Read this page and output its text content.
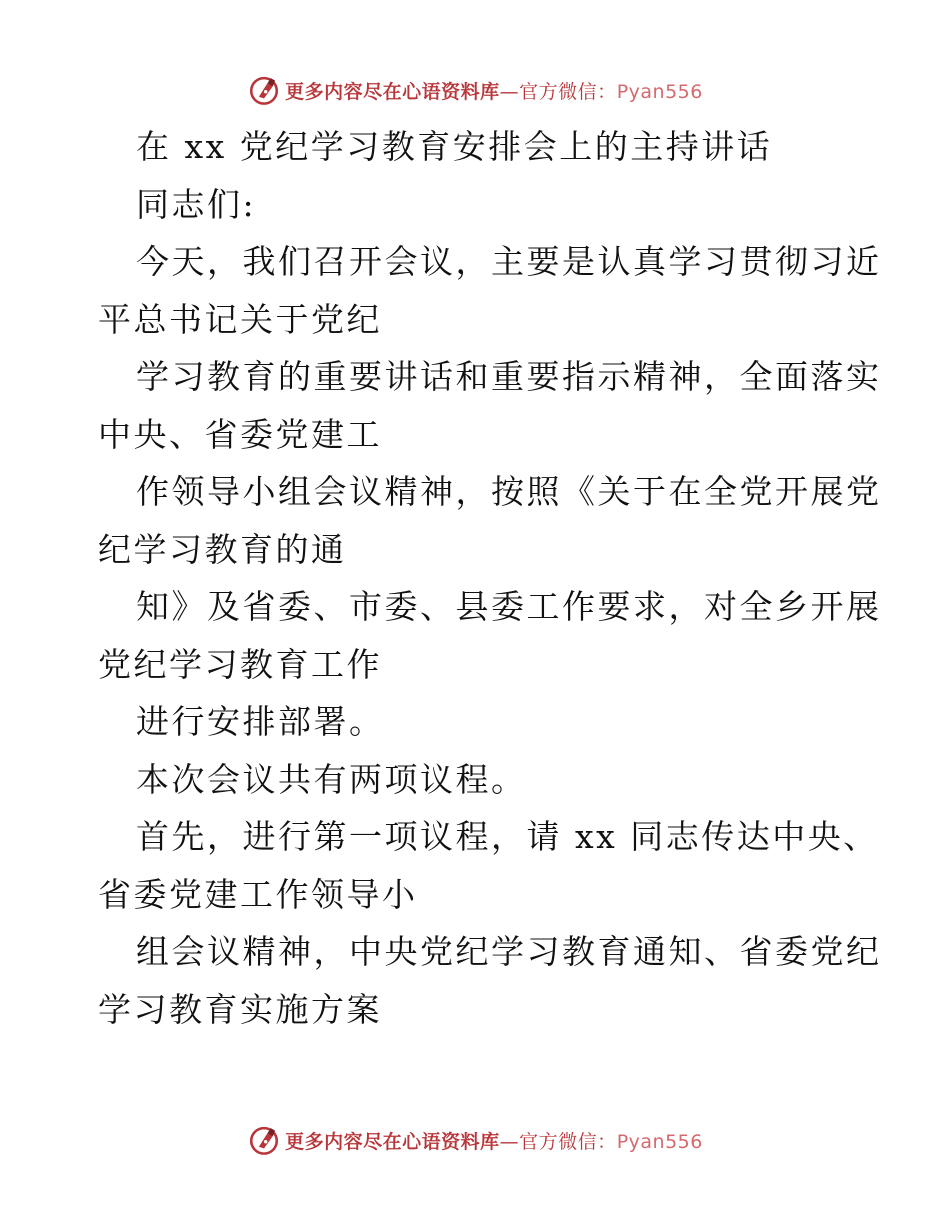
更多内容尽在心语资料库—官方微信：Pyan556
在 xx 党纪学习教育安排会上的主持讲话
同志们:
今天，我们召开会议，主要是认真学习贯彻习近
平总书记关于党纪
学习教育的重要讲话和重要指示精神，全面落实
中央、省委党建工
作领导小组会议精神，按照《关于在全党开展党
纪学习教育的通
知》及省委、市委、县委工作要求，对全乡开展
党纪学习教育工作
进行安排部署。
本次会议共有两项议程。
首先，进行第一项议程，请 xx 同志传达中央、
省委党建工作领导小
组会议精神，中央党纪学习教育通知、省委党纪
学习教育实施方案
更多内容尽在心语资料库—官方微信：Pyan556
